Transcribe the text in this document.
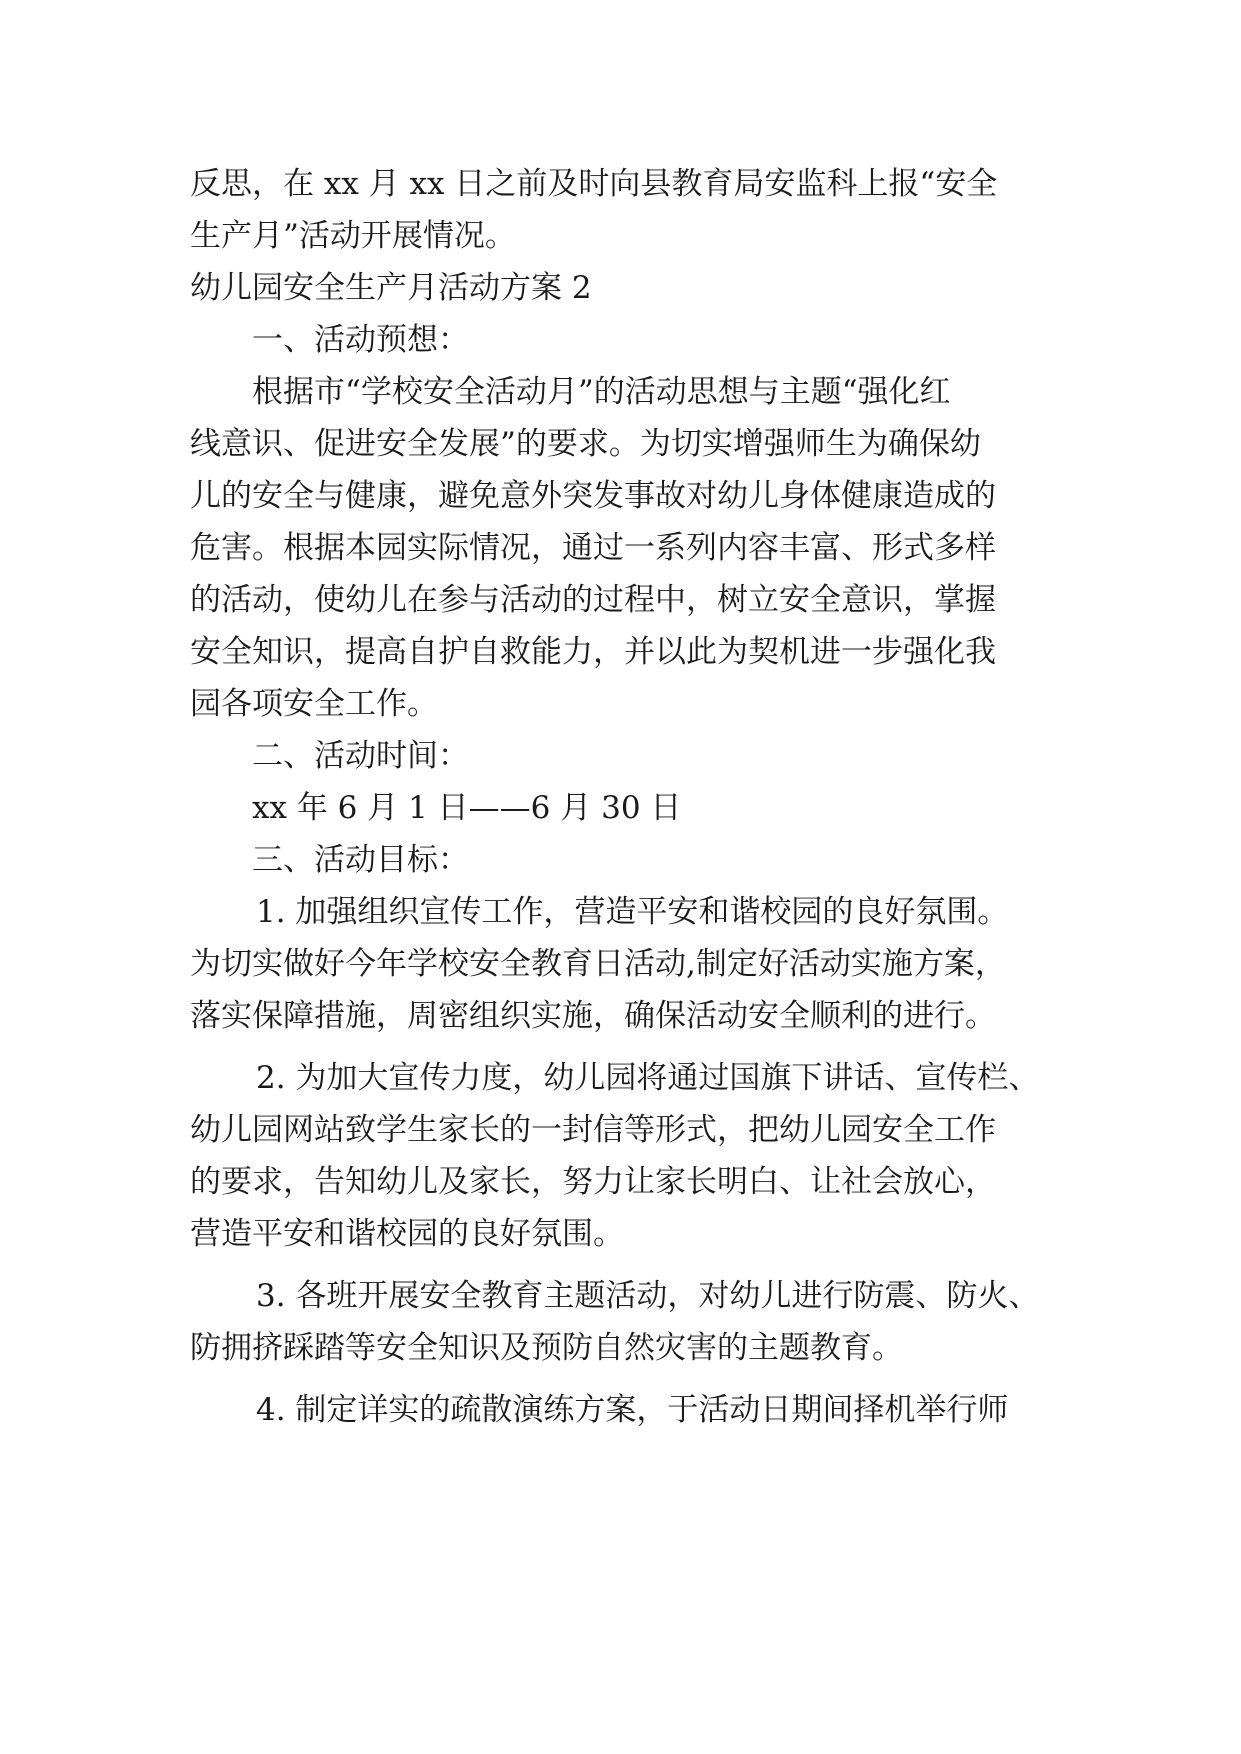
反思，在 xx 月 xx 日之前及时向县教育局安监科上报“安全
生产月”活动开展情况。
幼儿园安全生产月活动方案 2
一、活动预想：
根据市“学校安全活动月”的活动思想与主题“强化红
线意识、促进安全发展”的要求。为切实增强师生为确保幼
儿的安全与健康，避免意外突发事故对幼儿身体健康造成的
危害。根据本园实际情况，通过一系列内容丰富、形式多样
的活动，使幼儿在参与活动的过程中，树立安全意识，掌握
安全知识，提高自护自救能力，并以此为契机进一步强化我
园各项安全工作。
二、活动时间：
xx 年 6 月 1 日——6 月 30 日
三、活动目标：
1. 加强组织宣传工作，营造平安和谐校园的良好氛围。
为切实做好今年学校安全教育日活动,制定好活动实施方案，
落实保障措施，周密组织实施，确保活动安全顺利的进行。
2. 为加大宣传力度，幼儿园将通过国旗下讲话、宣传栏、
幼儿园网站致学生家长的一封信等形式，把幼儿园安全工作
的要求，告知幼儿及家长，努力让家长明白、让社会放心，
营造平安和谐校园的良好氛围。
3. 各班开展安全教育主题活动，对幼儿进行防震、防火、
防拥挤踩踏等安全知识及预防自然灾害的主题教育。
4. 制定详实的疏散演练方案，于活动日期间择机举行师
